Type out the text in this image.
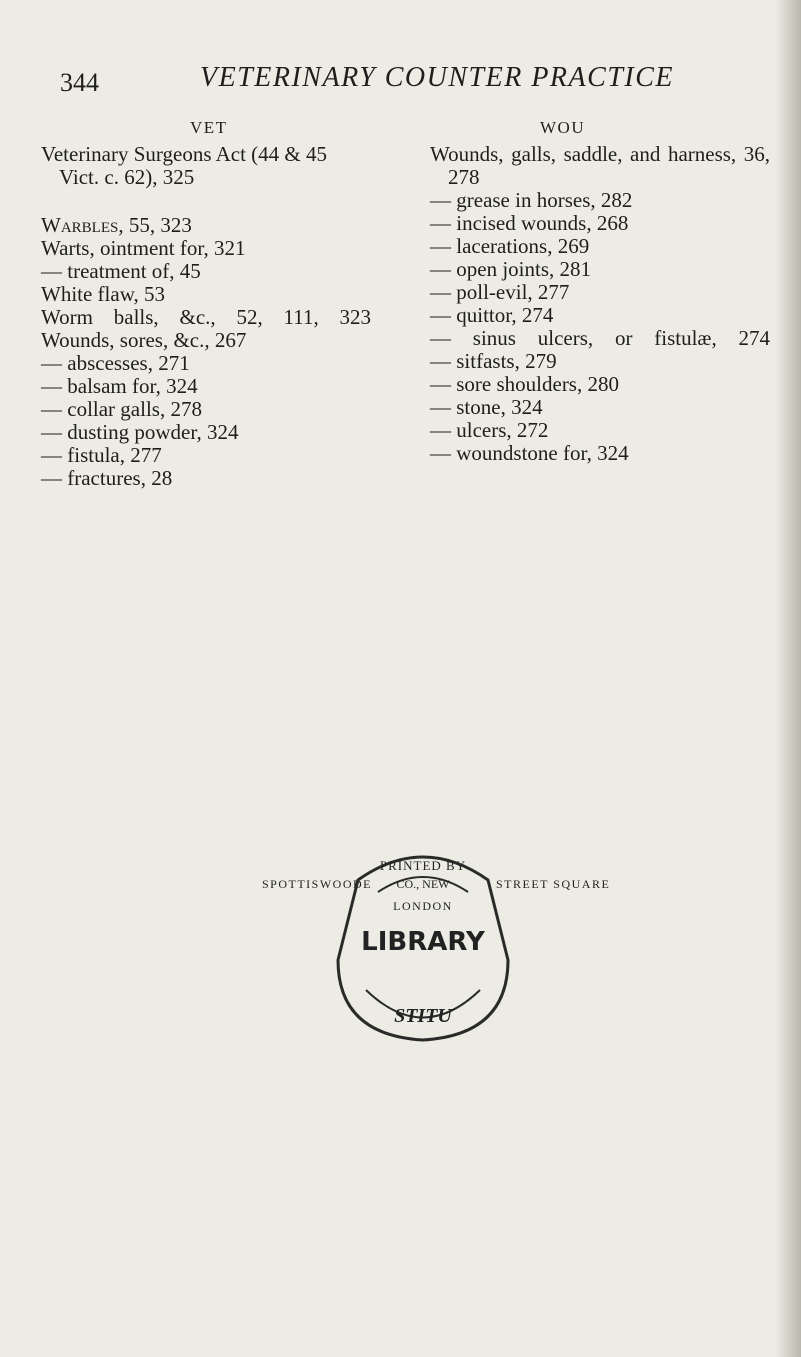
344	VETERINARY COUNTER PRACTICE
VET	WOU

Veterinary Surgeons Act (44 & 45 Vict. c. 62), 325

Warbles, 55, 323

Warts, ointment for, 321

— treatment of, 45

White flaw, 53

Worm balls, &c., 52, 111, 323

Wounds, sores, &c., 267

— abscesses, 271

— balsam for, 324

— collar galls, 278

— dusting powder, 324

— fistula, 277

— fractures, 28

Wounds, galls, saddle, and harness, 36, 278

— grease in horses, 282

— incised wounds, 268

— lacerations, 269

— open joints, 281

— poll-evil, 277

— quittor, 274

— sinus ulcers, or fistulæ, 274

— sitfasts, 279

— sore shoulders, 280

— stone, 324

— ulcers, 272

— woundstone for, 324

SPOTTISWOODE	STREET SQUARE
PRINTED BY
CO., NEW
LONDON
LIBRARY
STITU
